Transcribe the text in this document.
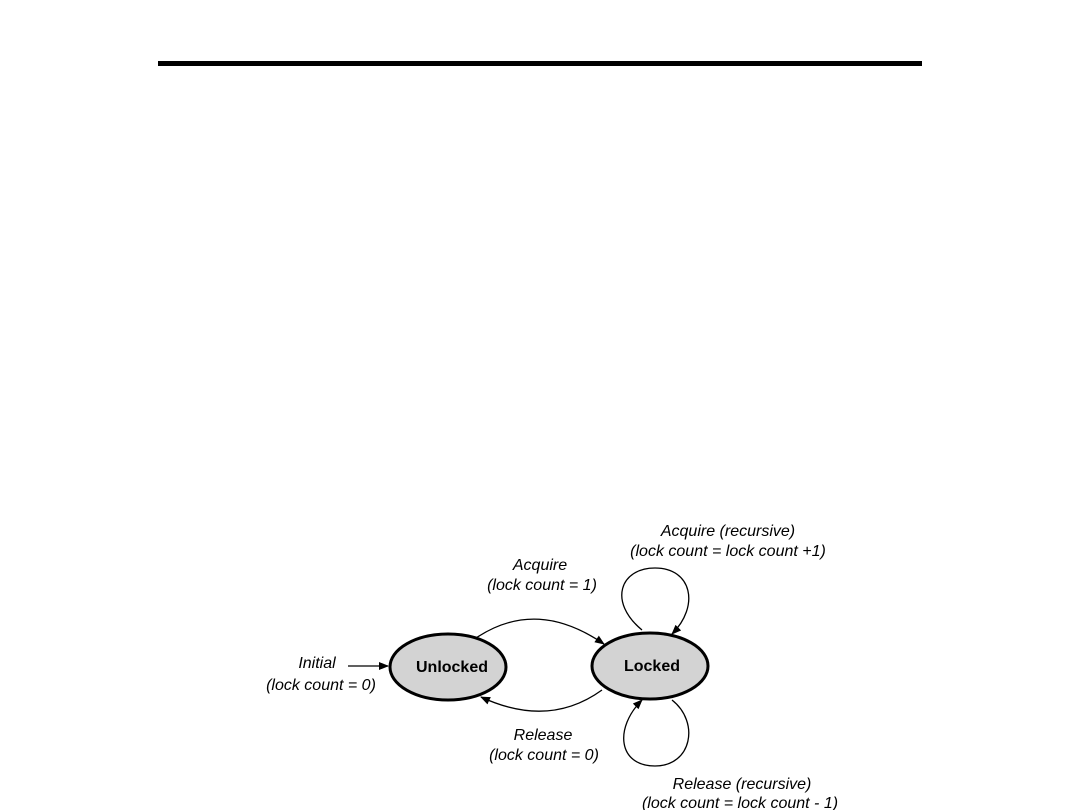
Unlocked	Locked
Initial
(lock count = 0)
Acquire
(lock count = 1)
Release
(lock count = 0)
Acquire (recursive)
(lock count = lock count +1)
Release (recursive)
(lock count = lock count - 1)
